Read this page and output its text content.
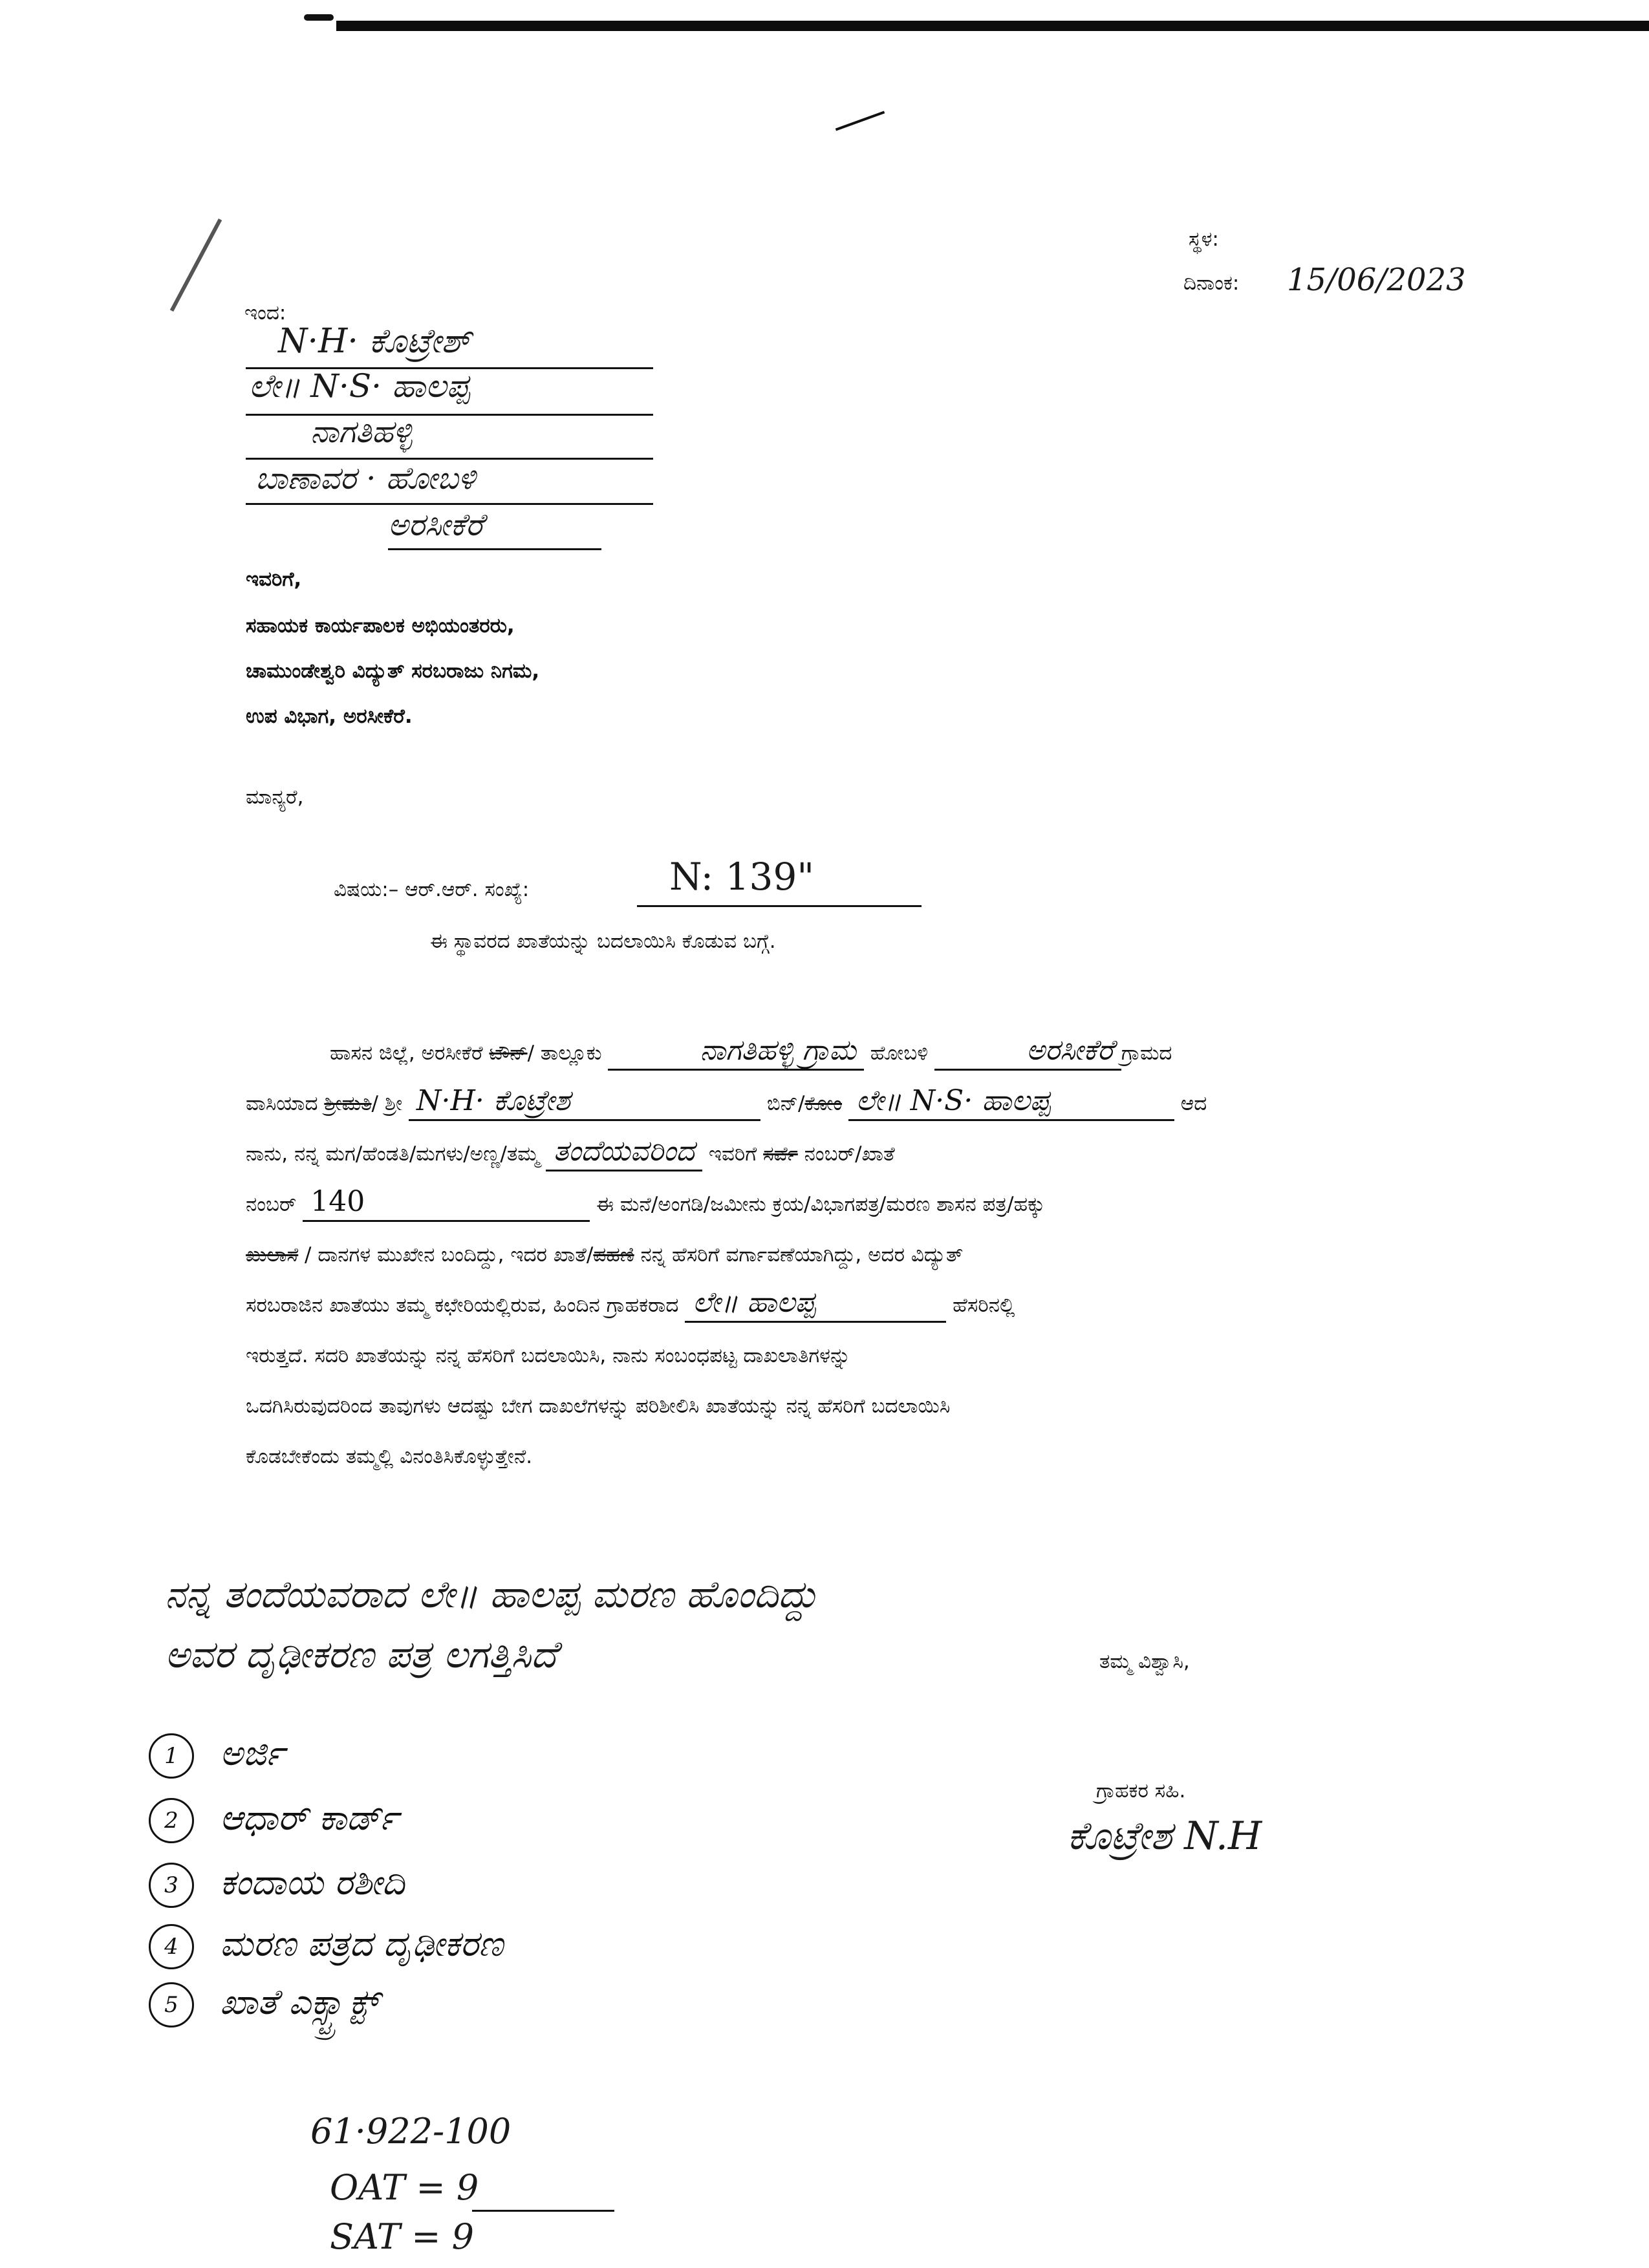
ಸ್ಥಳ:
ದಿನಾಂಕ: 15/06/2023
ಇಂದ:
N·H· ಕೊಟ್ರೇಶ್
ಲೇ॥ N·S· ಹಾಲಪ್ಪ
ನಾಗತಿಹಳ್ಳಿ
ಬಾಣಾವರ · ಹೋಬಳಿ
ಅರಸೀಕೆರೆ
ಇವರಿಗೆ,
ಸಹಾಯಕ ಕಾರ್ಯಪಾಲಕ ಅಭಿಯಂತರರು,
ಚಾಮುಂಡೇಶ್ವರಿ ವಿದ್ಯುತ್ ಸರಬರಾಜು ನಿಗಮ,
ಉಪ ವಿಭಾಗ, ಅರಸೀಕೆರೆ.
ಮಾನ್ಯರೆ,
ವಿಷಯ:– ಆರ್.ಆರ್. ಸಂಖ್ಯೆ:	N: 139"
ಈ ಸ್ಥಾವರದ ಖಾತೆಯನ್ನು ಬದಲಾಯಿಸಿ ಕೊಡುವ ಬಗ್ಗೆ.
ಹಾಸನ ಜಿಲ್ಲೆ, ಅರಸೀಕೆರೆ ಟೌನ್/ ತಾಲ್ಲೂಕು	ನಾಗತಿಹಳ್ಳಿ ಗ್ರಾಮ ಹೋಬಳಿ	ಅರಸೀಕೆರೆ ಗ್ರಾಮದ
ವಾಸಿಯಾದ ಶ್ರೀಮತಿ/ ಶ್ರೀ N·H· ಕೊಟ್ರೇಶ	ಬಿನ್/ಕೋಂ ಲೇ॥ N·S· ಹಾಲಪ್ಪ	ಆದ
ನಾನು, ನನ್ನ ಮಗ/ಹೆಂಡತಿ/ಮಗಳು/ಅಣ್ಣ/ತಮ್ಮ ತಂದೆಯವರಿಂದ ಇವರಿಗೆ ಸರ್ವೆ ನಂಬರ್/ಖಾತೆ
ನಂಬರ್ 140	ಈ ಮನೆ/ಅಂಗಡಿ/ಜಮೀನು ಕ್ರಯ/ವಿಭಾಗಪತ್ರ/ಮರಣ ಶಾಸನ ಪತ್ರ/ಹಕ್ಕು
ಖುಲಾಸೆ / ದಾನಗಳ ಮುಖೇನ ಬಂದಿದ್ದು, ಇದರ ಖಾತೆ/ಪಹಣಿ ನನ್ನ ಹೆಸರಿಗೆ ವರ್ಗಾವಣೆಯಾಗಿದ್ದು, ಅದರ ವಿದ್ಯುತ್
ಸರಬರಾಜಿನ ಖಾತೆಯು ತಮ್ಮ ಕಛೇರಿಯಲ್ಲಿರುವ, ಹಿಂದಿನ ಗ್ರಾಹಕರಾದ ಲೇ॥ ಹಾಲಪ್ಪ	ಹೆಸರಿನಲ್ಲಿ
ಇರುತ್ತದೆ. ಸದರಿ ಖಾತೆಯನ್ನು ನನ್ನ ಹೆಸರಿಗೆ ಬದಲಾಯಿಸಿ, ನಾನು ಸಂಬಂಧಪಟ್ಟ ದಾಖಲಾತಿಗಳನ್ನು
ಒದಗಿಸಿರುವುದರಿಂದ ತಾವುಗಳು ಆದಷ್ಟು ಬೇಗ ದಾಖಲೆಗಳನ್ನು ಪರಿಶೀಲಿಸಿ ಖಾತೆಯನ್ನು ನನ್ನ ಹೆಸರಿಗೆ ಬದಲಾಯಿಸಿ
ಕೊಡಬೇಕೆಂದು ತಮ್ಮಲ್ಲಿ ವಿನಂತಿಸಿಕೊಳ್ಳುತ್ತೇನೆ.
ನನ್ನ ತಂದೆಯವರಾದ ಲೇ॥ ಹಾಲಪ್ಪ ಮರಣ ಹೊಂದಿದ್ದು
ಅವರ ದೃಢೀಕರಣ ಪತ್ರ ಲಗತ್ತಿಸಿದೆ	ತಮ್ಮ ವಿಶ್ವಾಸಿ,
ಗ್ರಾಹಕರ ಸಹಿ.
ಕೊಟ್ರೇಶ N.H
1 ಅರ್ಜಿ
2 ಆಧಾರ್ ಕಾರ್ಡ್
3 ಕಂದಾಯ ರಶೀದಿ
4 ಮರಣ ಪತ್ರದ ದೃಢೀಕರಣ
5 ಖಾತೆ ಎಕ್ಸ್ಟ್ರಾಕ್ಟ್
61·922-100
OAT = 9
SAT = 9
